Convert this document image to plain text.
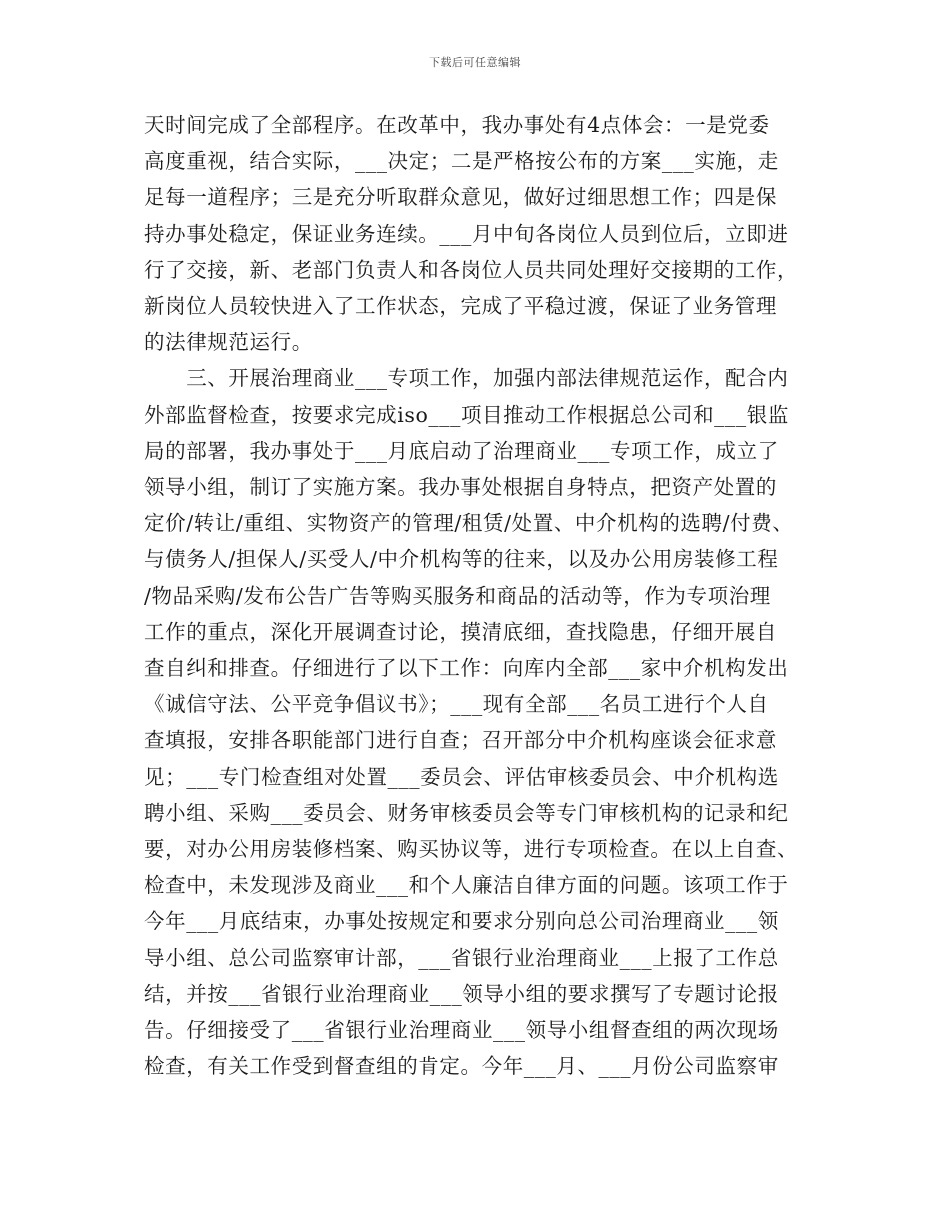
下载后可任意编辑
天时间完成了全部程序。在改革中，我办事处有4点体会：一是党委
高度重视，结合实际，___决定；二是严格按公布的方案___实施，走
足每一道程序；三是充分听取群众意见，做好过细思想工作；四是保
持办事处稳定，保证业务连续。___月中旬各岗位人员到位后，立即进
行了交接，新、老部门负责人和各岗位人员共同处理好交接期的工作，
新岗位人员较快进入了工作状态，完成了平稳过渡，保证了业务管理
的法律规范运行。
　　三、开展治理商业___专项工作，加强内部法律规范运作，配合内
外部监督检查，按要求完成iso___项目推动工作根据总公司和___银监
局的部署，我办事处于___月底启动了治理商业___专项工作，成立了
领导小组，制订了实施方案。我办事处根据自身特点，把资产处置的
定价/转让/重组、实物资产的管理/租赁/处置、中介机构的选聘/付费、
与债务人/担保人/买受人/中介机构等的往来，以及办公用房装修工程
/物品采购/发布公告广告等购买服务和商品的活动等，作为专项治理
工作的重点，深化开展调查讨论，摸清底细，查找隐患，仔细开展自
查自纠和排查。仔细进行了以下工作：向库内全部___家中介机构发出
《诚信守法、公平竞争倡议书》；___现有全部___名员工进行个人自
查填报，安排各职能部门进行自查；召开部分中介机构座谈会征求意
见；___专门检查组对处置___委员会、评估审核委员会、中介机构选
聘小组、采购___委员会、财务审核委员会等专门审核机构的记录和纪
要，对办公用房装修档案、购买协议等，进行专项检查。在以上自查、
检查中，未发现涉及商业___和个人廉洁自律方面的问题。该项工作于
今年___月底结束，办事处按规定和要求分别向总公司治理商业___领
导小组、总公司监察审计部，___省银行业治理商业___上报了工作总
结，并按___省银行业治理商业___领导小组的要求撰写了专题讨论报
告。仔细接受了___省银行业治理商业___领导小组督查组的两次现场
检查，有关工作受到督查组的肯定。今年___月、___月份公司监察审
